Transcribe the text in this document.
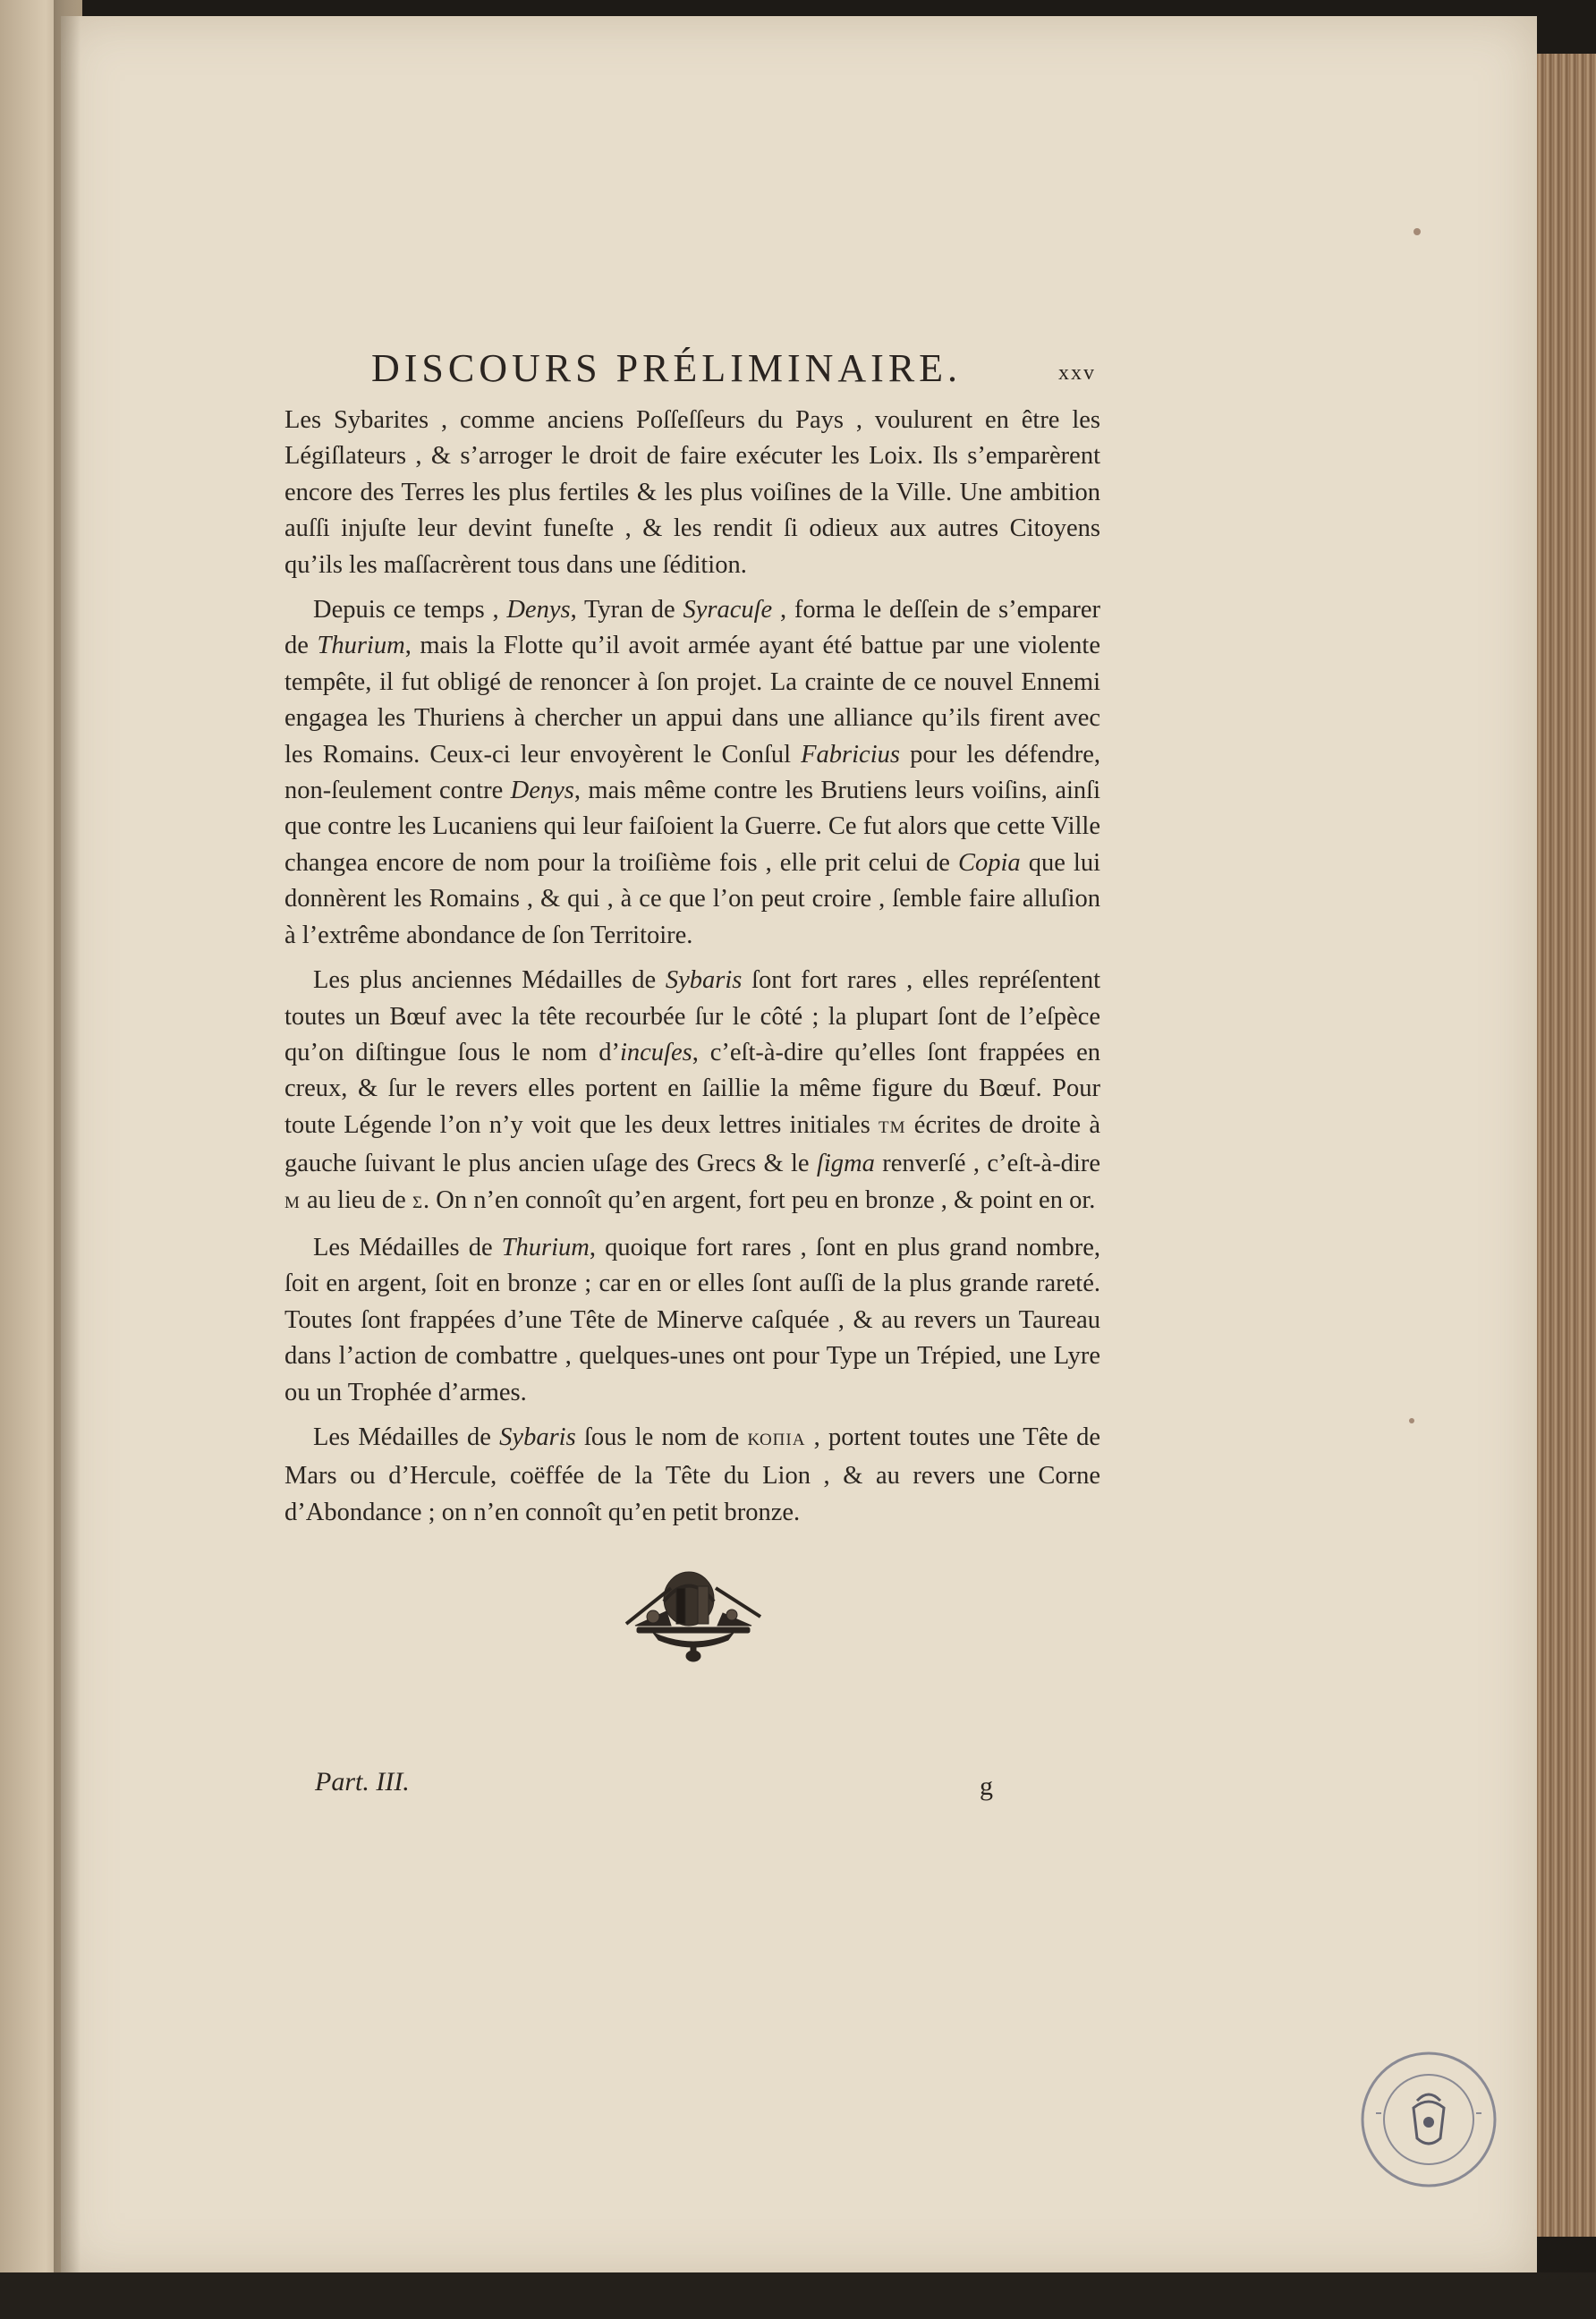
DISCOURS PRÉLIMINAIRE.	xxv

Les Sybarites , comme anciens Poſſeſſeurs du Pays , voulurent en être les Légiſlateurs , & s’arroger le droit de faire exécuter les Loix. Ils s’emparèrent encore des Terres les plus fertiles & les plus voiſines de la Ville. Une ambition auſſi injuſte leur devint funeſte , & les rendit ſi odieux aux autres Citoyens qu’ils les maſſacrèrent tous dans une ſédition.

Depuis ce temps , Denys, Tyran de Syracuſe , forma le deſſein de s’emparer de Thurium, mais la Flotte qu’il avoit armée ayant été battue par une violente tempête, il fut obligé de renoncer à ſon projet. La crainte de ce nouvel Ennemi engagea les Thuriens à chercher un appui dans une alliance qu’ils firent avec les Romains. Ceux-ci leur envoyèrent le Conſul Fabricius pour les défendre, non-ſeulement contre Denys, mais même contre les Brutiens leurs voiſins, ainſi que contre les Lucaniens qui leur faiſoient la Guerre. Ce fut alors que cette Ville changea encore de nom pour la troiſième fois , elle prit celui de Copia que lui donnèrent les Romains , & qui , à ce que l’on peut croire , ſemble faire alluſion à l’extrême abondance de ſon Territoire.

Les plus anciennes Médailles de Sybaris ſont fort rares , elles repréſentent toutes un Bœuf avec la tête recourbée ſur le côté ; la plupart ſont de l’eſpèce qu’on diſtingue ſous le nom d’incuſes, c’eſt-à-dire qu’elles ſont frappées en creux, & ſur le revers elles portent en ſaillie la même figure du Bœuf. Pour toute Légende l’on n’y voit que les deux lettres initiales TM écrites de droite à gauche ſuivant le plus ancien uſage des Grecs & le ſigma renverſé , c’eſt-à-dire M au lieu de Σ. On n’en connoît qu’en argent, fort peu en bronze , & point en or.

Les Médailles de Thurium, quoique fort rares , ſont en plus grand nombre, ſoit en argent, ſoit en bronze ; car en or elles ſont auſſi de la plus grande rareté. Toutes ſont frappées d’une Tête de Minerve caſquée , & au revers un Taureau dans l’action de combattre , quelques-unes ont pour Type un Trépied, une Lyre ou un Trophée d’armes.

Les Médailles de Sybaris ſous le nom de ΚΟΠΙΑ , portent toutes une Tête de Mars ou d’Hercule, coëffée de la Tête du Lion , & au revers une Corne d’Abondance ; on n’en connoît qu’en petit bronze.

Part. III.	g
